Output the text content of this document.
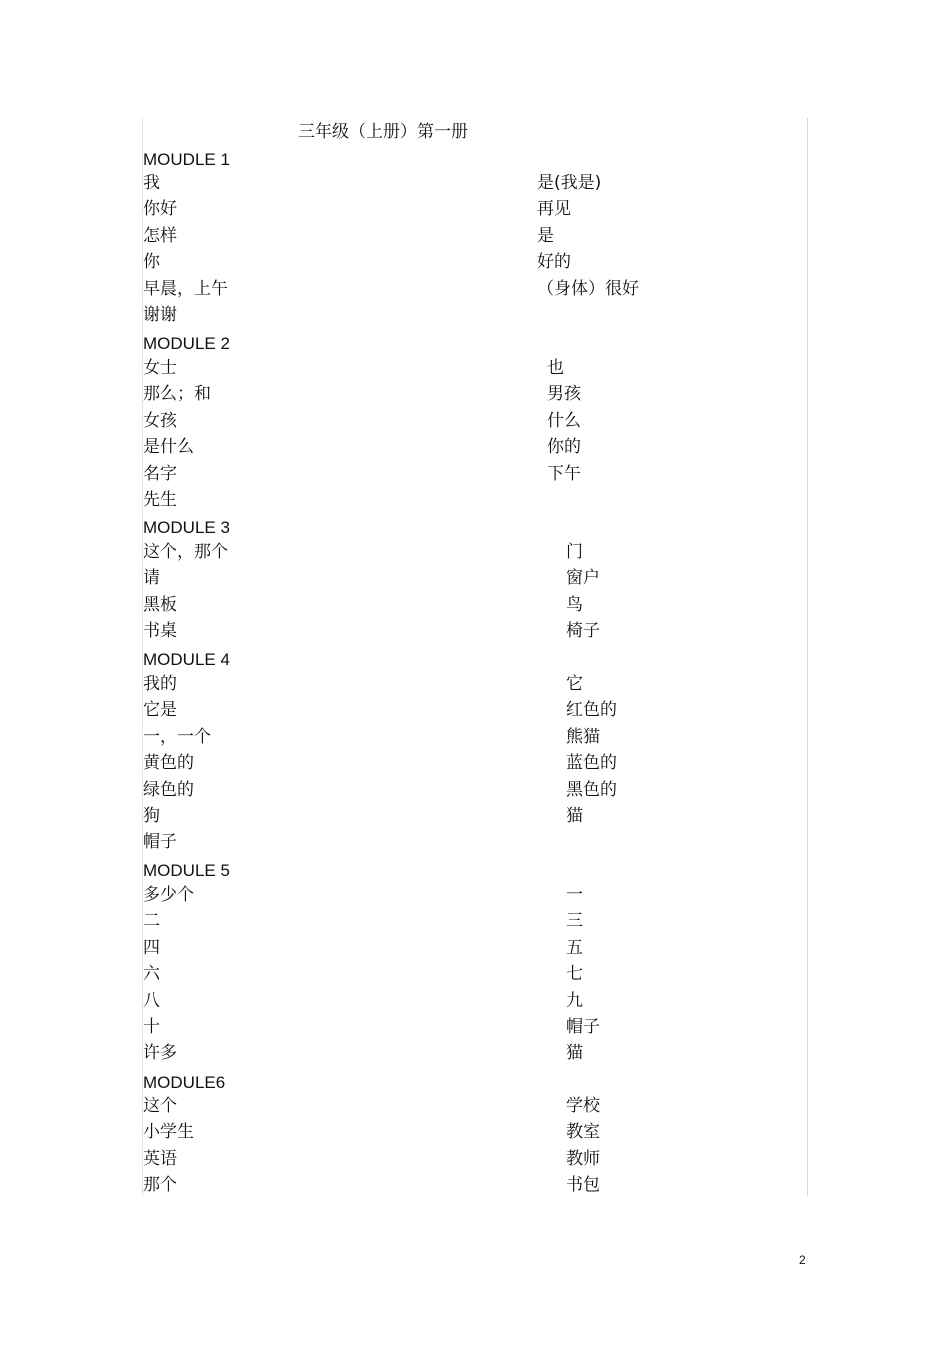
三年级（上册）第一册
MOUDLE 1
我
你好
怎样
你
早晨，上午
谢谢
是(我是)
再见
是
好的
（身体）很好
MODULE 2
女士
那么；和
女孩
是什么
名字
先生
也
男孩
什么
你的
下午
MODULE 3
这个，那个
请
黑板
书桌
门
窗户
鸟
椅子
MODULE 4
我的
它是
一，一个
黄色的
绿色的
狗
帽子
它
红色的
熊猫
蓝色的
黑色的
猫
MODULE 5
多少个
二
四
六
八
十
许多
一
三
五
七
九
帽子
猫
MODULE6
这个
小学生
英语
那个
学校
教室
教师
书包
2
